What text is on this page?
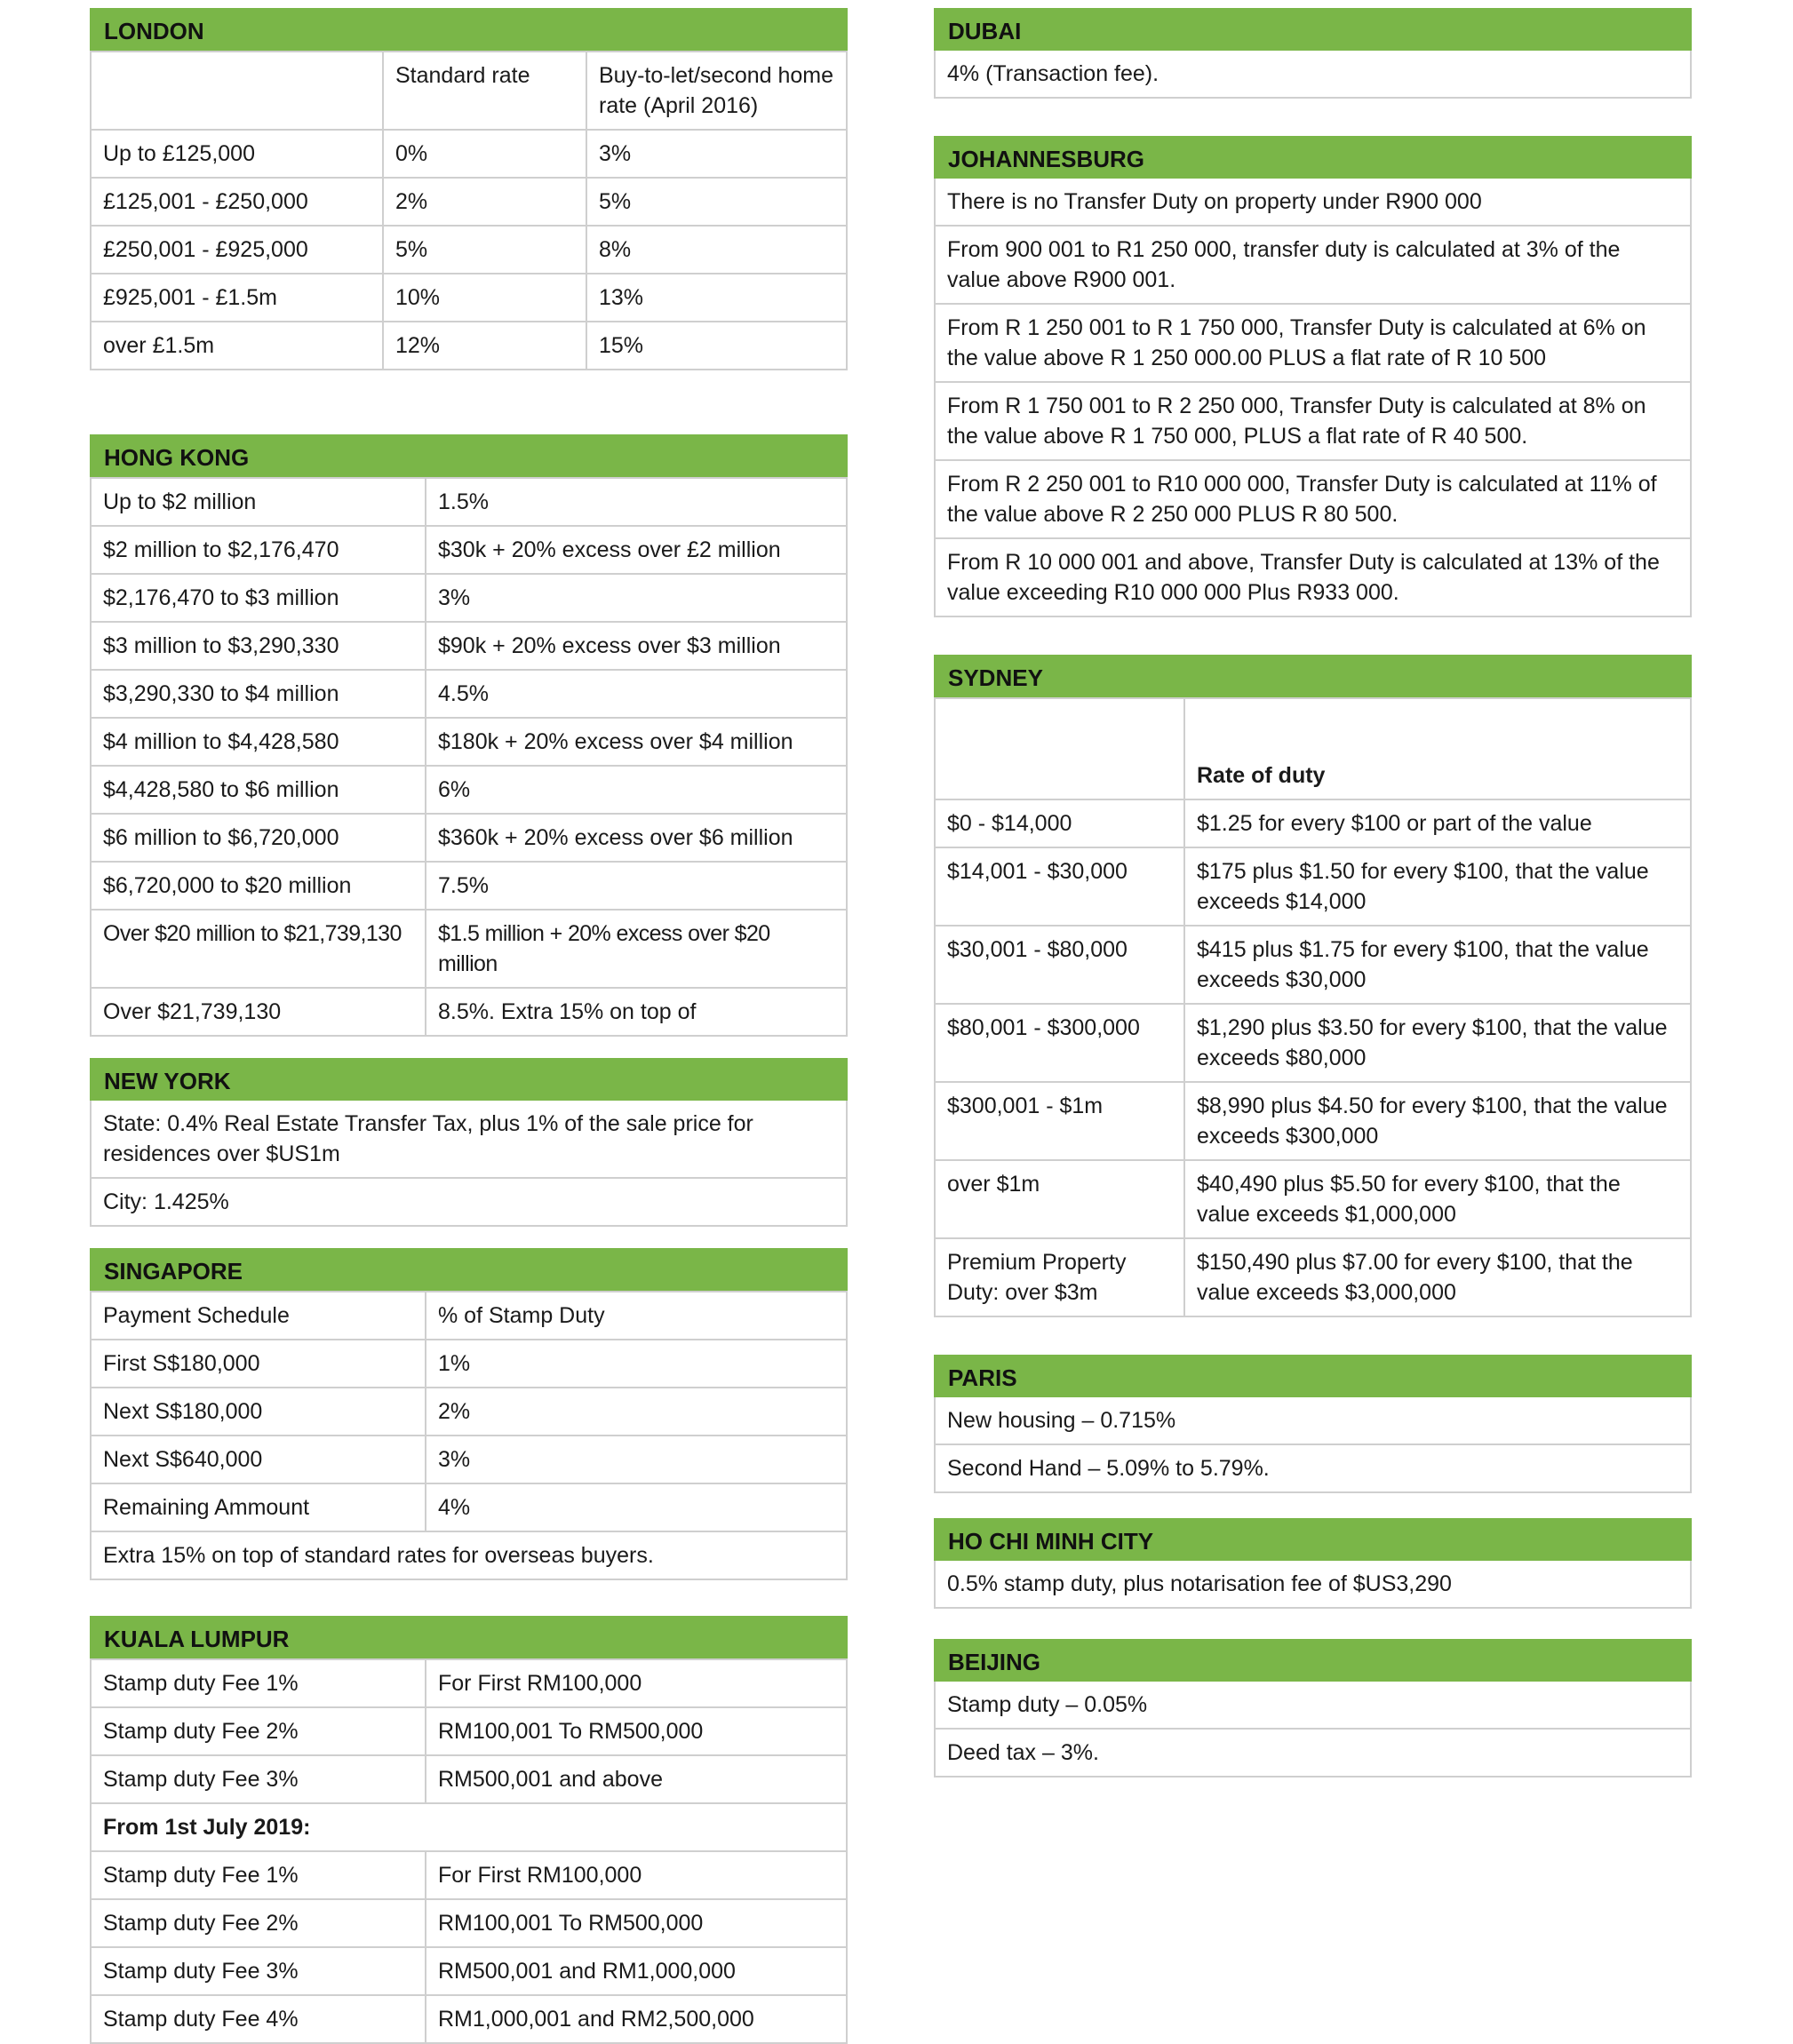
LONDON
	Standard rate	Buy-to-let/second home rate (April 2016)
Up to £125,000	0%	3%
£125,001 - £250,000	2%	5%
£250,001 - £925,000	5%	8%
£925,001 - £1.5m	10%	13%
over £1.5m	12%	15%
HONG KONG
Up to $2 million	1.5%
$2 million to $2,176,470	$30k + 20% excess over £2 million
$2,176,470 to $3 million	3%
$3 million to $3,290,330	$90k + 20% excess over $3 million
$3,290,330 to $4 million	4.5%
$4 million to $4,428,580	$180k + 20% excess over $4 million
$4,428,580 to $6 million	6%
$6 million to $6,720,000	$360k + 20% excess over $6 million
$6,720,000 to $20 million	7.5%
Over $20 million to $21,739,130	$1.5 million + 20% excess over $20 million
Over $21,739,130	8.5%. Extra 15% on top of
NEW YORK
State: 0.4% Real Estate Transfer Tax, plus 1% of the sale price for residences over $US1m
City: 1.425%
SINGAPORE
Payment Schedule	% of Stamp Duty
First S$180,000	1%
Next S$180,000	2%
Next S$640,000	3%
Remaining Ammount	4%
Extra 15% on top of standard rates for overseas buyers.	
KUALA LUMPUR
Stamp duty Fee 1%	For First RM100,000
Stamp duty Fee 2%	RM100,001 To RM500,000
Stamp duty Fee 3%	RM500,001 and above
From 1st July 2019:	
Stamp duty Fee 1%	For First RM100,000
Stamp duty Fee 2%	RM100,001 To RM500,000
Stamp duty Fee 3%	RM500,001 and RM1,000,000
Stamp duty Fee 4%	RM1,000,001 and RM2,500,000
DUBAI
4% (Transaction fee).
JOHANNESBURG
There is no Transfer Duty on property under R900 000
From 900 001 to R1 250 000, transfer duty is calculated at 3% of the value above R900 001.
From R 1 250 001 to R 1 750 000, Transfer Duty is calculated at 6% on the value above R 1 250 000.00 PLUS a flat rate of R 10 500
From R 1 750 001 to R 2 250 000, Transfer Duty is calculated at 8% on the value above R 1 750 000, PLUS a flat rate of R 40 500.
From R 2 250 001 to R10 000 000, Transfer Duty is calculated at 11% of the value above R 2 250 000 PLUS R 80 500.
From R 10 000 001 and above, Transfer Duty is calculated at 13% of the value exceeding R10 000 000 Plus R933 000.
SYDNEY
	Rate of duty
$0 - $14,000	$1.25 for every $100 or part of the value
$14,001 - $30,000	$175 plus $1.50 for every $100, that the value exceeds $14,000
$30,001 - $80,000	$415 plus $1.75 for every $100, that the value exceeds $30,000
$80,001 - $300,000	$1,290 plus $3.50 for every $100, that the value exceeds $80,000
$300,001 - $1m	$8,990 plus $4.50 for every $100, that the value exceeds $300,000
over $1m	$40,490 plus $5.50 for every $100, that the value exceeds $1,000,000
Premium Property Duty: over $3m	$150,490 plus $7.00 for every $100, that the value exceeds $3,000,000
PARIS
New housing – 0.715%
Second Hand – 5.09% to 5.79%.
HO CHI MINH CITY
0.5% stamp duty, plus notarisation fee of $US3,290
BEIJING
Stamp duty – 0.05%
Deed tax – 3%.
